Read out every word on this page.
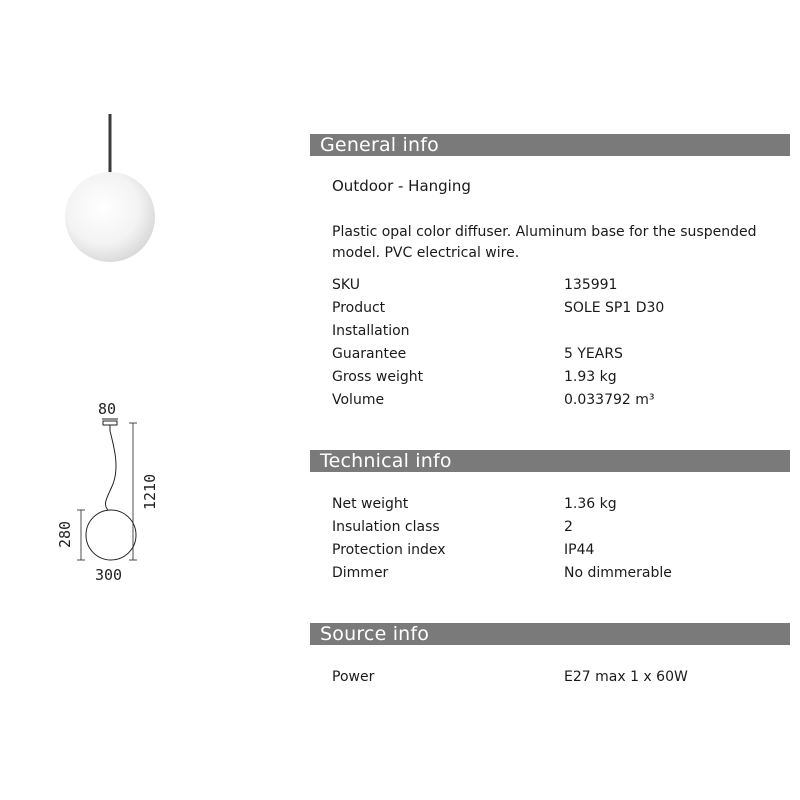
80
1210
280
300
General info
Outdoor - Hanging
Plastic opal color diffuser. Aluminum base for the suspended model. PVC electrical wire.
SKU	135991
Product	SOLE SP1 D30
Installation	
Guarantee	5 YEARS
Gross weight	1.93 kg
Volume	0.033792 m³
Technical info
Net weight	1.36 kg
Insulation class	2
Protection index	IP44
Dimmer	No dimmerable
Source info
Power	E27 max 1 x 60W
